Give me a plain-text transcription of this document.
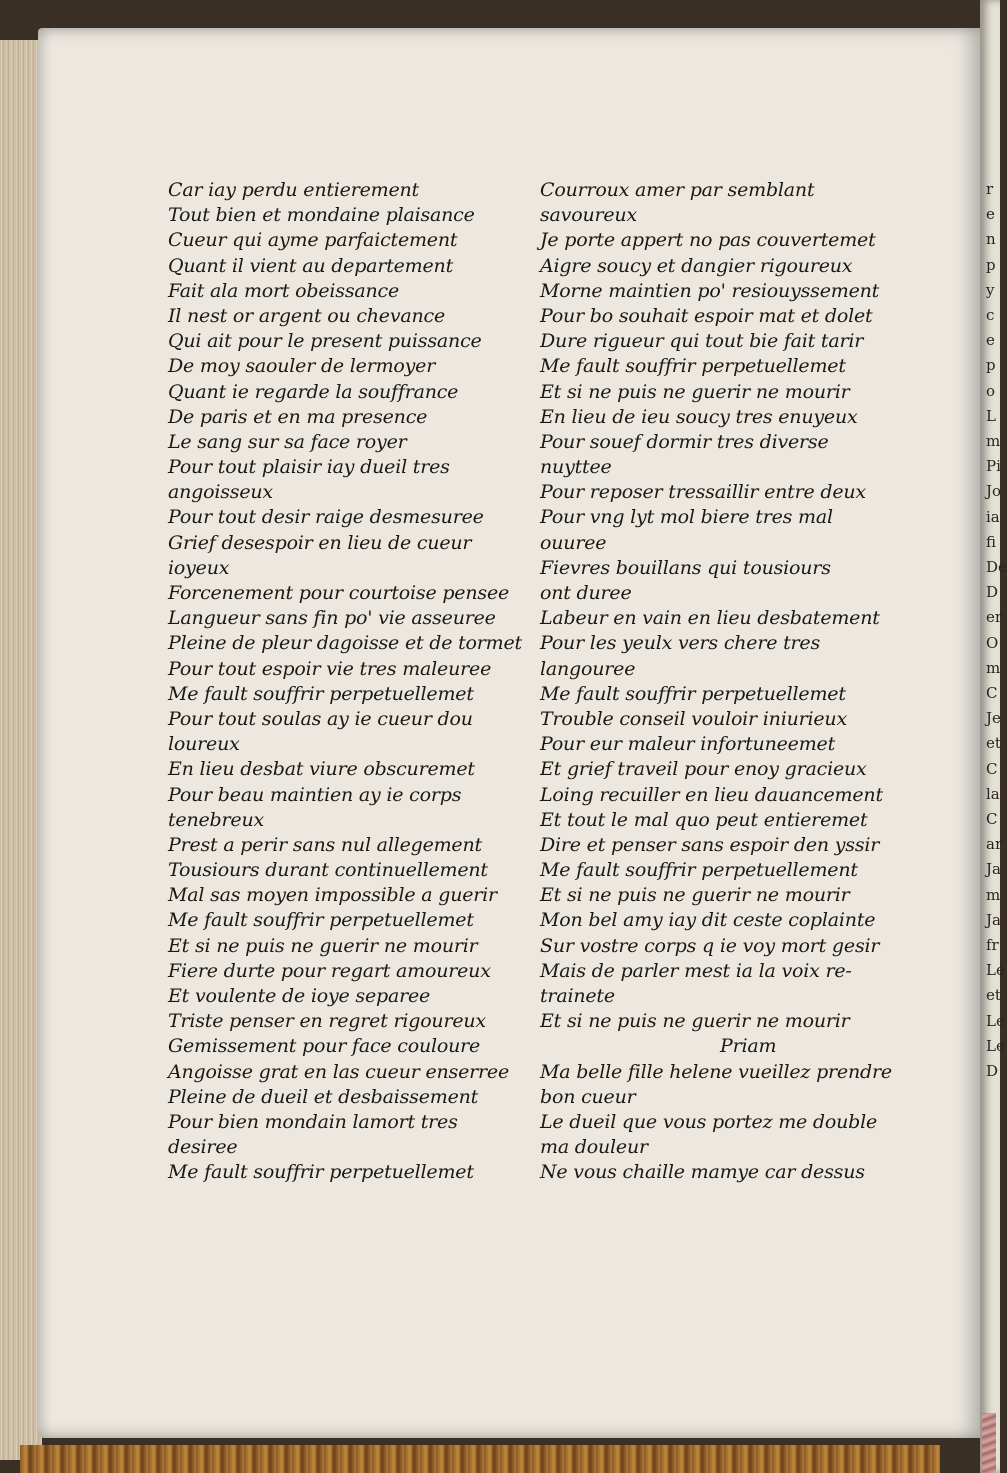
Car iay perdu entierement
Tout bien et mondaine plaisance
Cueur qui ayme parfaictement
Quant il vient au departement
Fait ala mort obeissance
Il nest or argent ou chevance
Qui ait pour le present puissance
De moy saouler de lermoyer
Quant ie regarde la souffrance
De paris et en ma presence
Le sang sur sa face royer
Pour tout plaisir iay dueil tres
angoisseux
Pour tout desir raige desmesuree
Grief desespoir en lieu de cueur
ioyeux
Forcenement pour courtoise pensee
Langueur sans fin po' vie asseuree
Pleine de pleur dagoisse et de tormet
Pour tout espoir vie tres maleuree
Me fault souffrir perpetuellemet
Pour tout soulas ay ie cueur dou
loureux
En lieu desbat viure obscuremet
Pour beau maintien ay ie corps
tenebreux
Prest a perir sans nul allegement
Tousiours durant continuellement
Mal sas moyen impossible a guerir
Me fault souffrir perpetuellemet
Et si ne puis ne guerir ne mourir
Fiere durte pour regart amoureux
Et voulente de ioye separee
Triste penser en regret rigoureux
Gemissement pour face couloure
Angoisse grat en las cueur enserree
Pleine de dueil et desbaissement
Pour bien mondain lamort tres
desiree
Me fault souffrir perpetuellemet
Courroux amer par semblant
savoureux
Je porte appert no pas couvertemet
Aigre soucy et dangier rigoureux
Morne maintien po' resiouyssement
Pour bo souhait espoir mat et dolet
Dure rigueur qui tout bie fait tarir
Me fault souffrir perpetuellemet
Et si ne puis ne guerir ne mourir
En lieu de ieu soucy tres enuyeux
Pour souef dormir tres diverse
nuyttee
Pour reposer tressaillir entre deux
Pour vng lyt mol biere tres mal
ouuree
Fievres bouillans qui tousiours
ont duree
Labeur en vain en lieu desbatement
Pour les yeulx vers chere tres
langouree
Me fault souffrir perpetuellemet
Trouble conseil vouloir iniurieux
Pour eur maleur infortuneemet
Et grief traveil pour enoy gracieux
Loing recuiller en lieu dauancement
Et tout le mal quo peut entieremet
Dire et penser sans espoir den yssir
Me fault souffrir perpetuellement
Et si ne puis ne guerir ne mourir
Mon bel amy iay dit ceste coplainte
Sur vostre corps q ie voy mort gesir
Mais de parler mest ia la voix re-
trainete
Et si ne puis ne guerir ne mourir
Priam
Ma belle fille helene vueillez prendre
bon cueur
Le dueil que vous portez me double
ma douleur
Ne vous chaille mamye car dessus
r
e
n
p
y
c
e
p
o
L
m
Pi
Jo
ia
fi
De
D
er
O
m
C
Je
et
C
la
C
ar
Ja
m
Ja
fr
Le
et
Le
Le
D
